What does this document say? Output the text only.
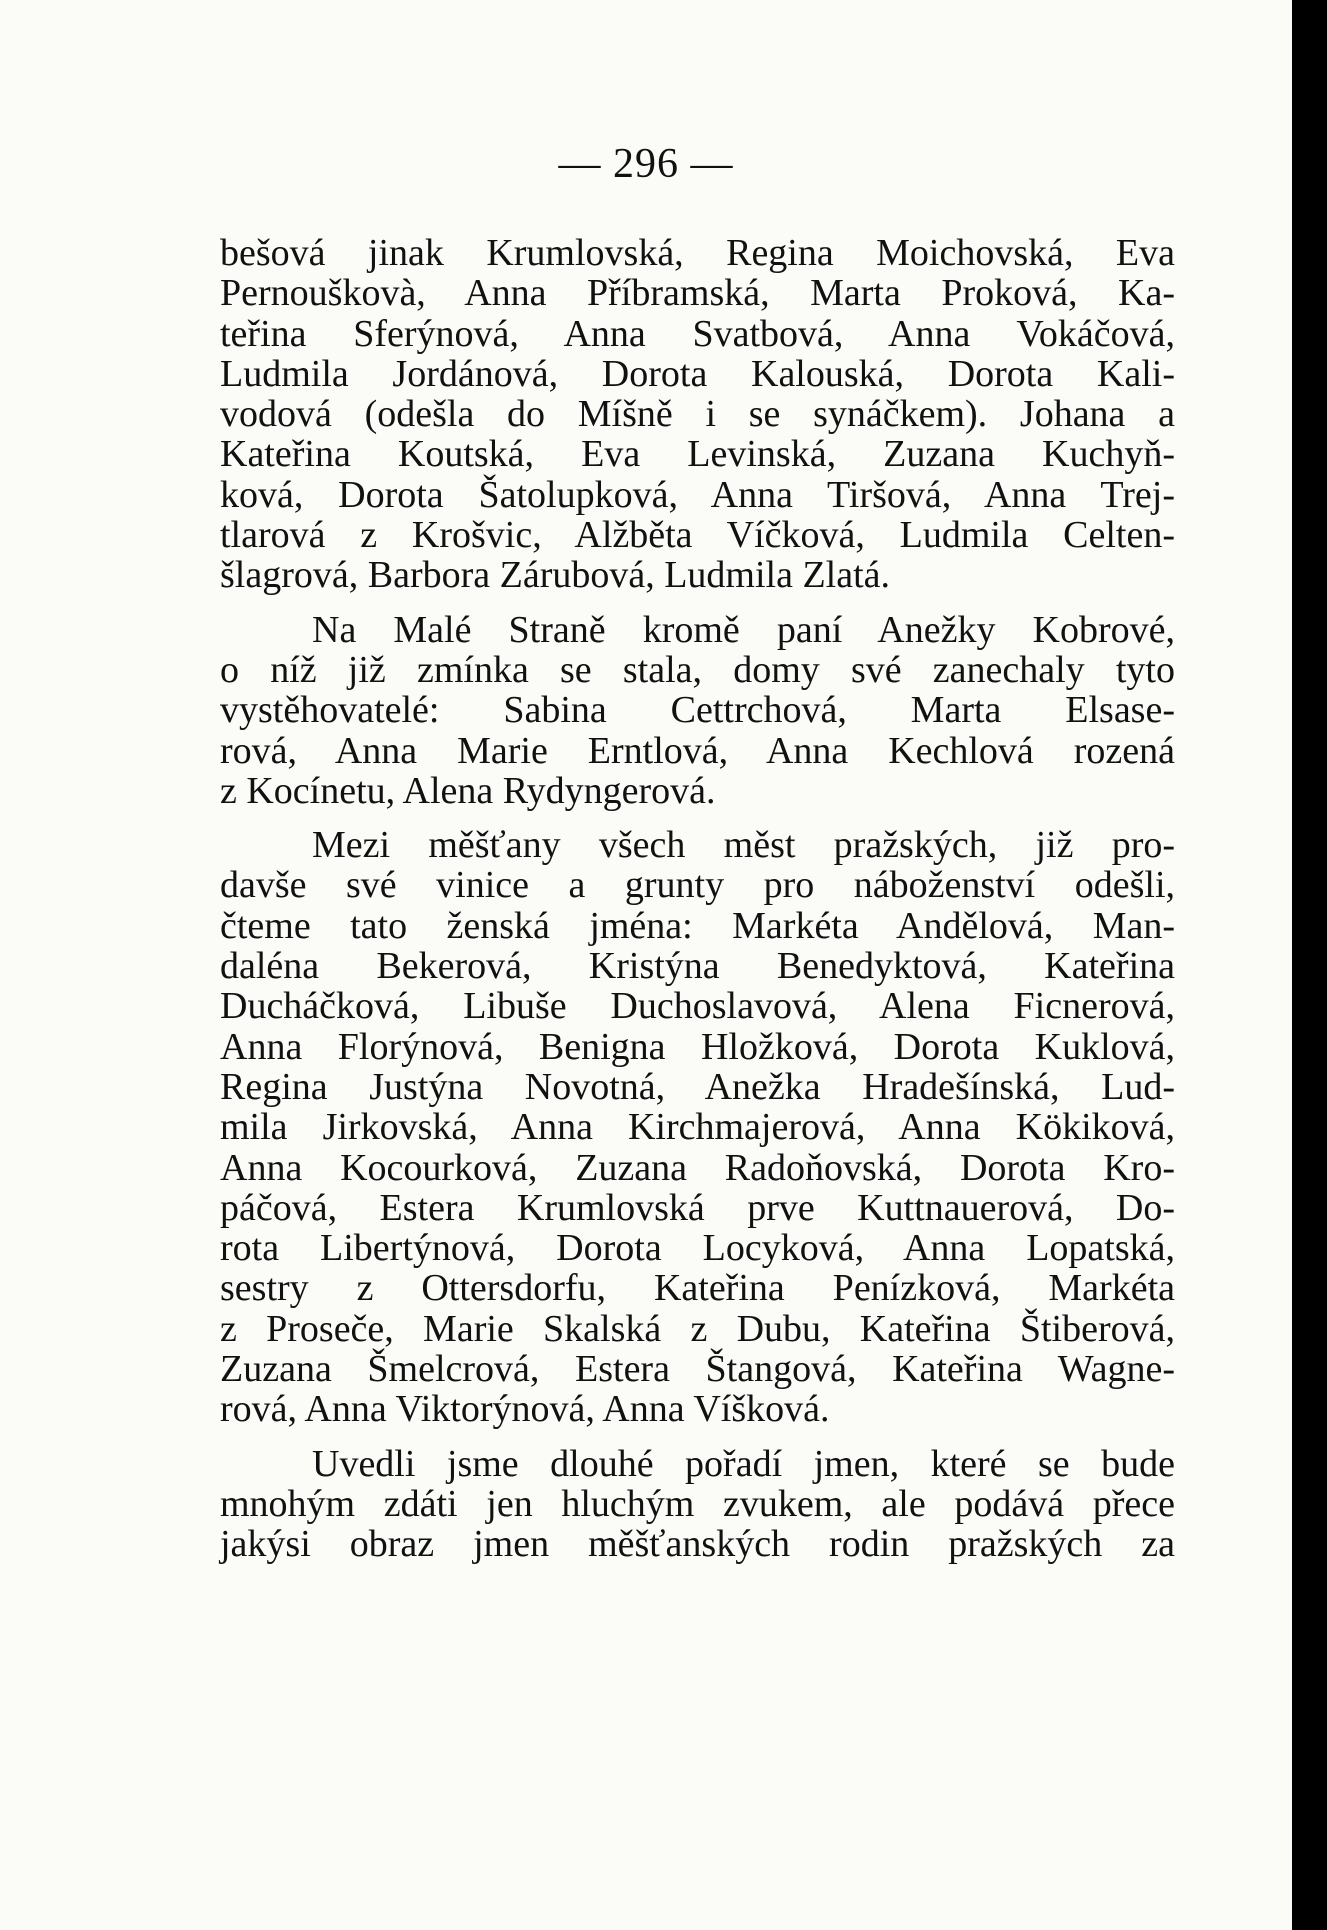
— 296 —

bešová jinak Krumlovská, Regina Moichovská, Eva
Pernouškovà, Anna Příbramská, Marta Proková, Ka-
teřina Sferýnová, Anna Svatbová, Anna Vokáčová,
Ludmila Jordánová, Dorota Kalouská, Dorota Kali-
vodová (odešla do Míšně i se synáčkem). Johana a
Kateřina Koutská, Eva Levinská, Zuzana Kuchyň-
ková, Dorota Šatolupková, Anna Tiršová, Anna Trej-
tlarová z Krošvic, Alžběta Víčková, Ludmila Celten-
šlagrová, Barbora Zárubová, Ludmila Zlatá.

Na Malé Straně kromě paní Anežky Kobrové,
o níž již zmínka se stala, domy své zanechaly tyto
vystěhovatelé: Sabina Cettrchová, Marta Elsase-
rová, Anna Marie Erntlová, Anna Kechlová rozená
z Kocínetu, Alena Rydyngerová.

Mezi měšťany všech měst pražských, již pro-
davše své vinice a grunty pro náboženství odešli,
čteme tato ženská jména: Markéta Andělová, Man-
daléna Bekerová, Kristýna Benedyktová, Kateřina
Ducháčková, Libuše Duchoslavová, Alena Ficnerová,
Anna Florýnová, Benigna Hložková, Dorota Kuklová,
Regina Justýna Novotná, Anežka Hradešínská, Lud-
mila Jirkovská, Anna Kirchmajerová, Anna Kökiková,
Anna Kocourková, Zuzana Radoňovská, Dorota Kro-
páčová, Estera Krumlovská prve Kuttnauerová, Do-
rota Libertýnová, Dorota Locyková, Anna Lopatská,
sestry z Ottersdorfu, Kateřina Penízková, Markéta
z Proseče, Marie Skalská z Dubu, Kateřina Štiberová,
Zuzana Šmelcrová, Estera Štangová, Kateřina Wagne-
rová, Anna Viktorýnová, Anna Víšková.

Uvedli jsme dlouhé pořadí jmen, které se bude
mnohým zdáti jen hluchým zvukem, ale podává přece
jakýsi obraz jmen měšťanských rodin pražských za
